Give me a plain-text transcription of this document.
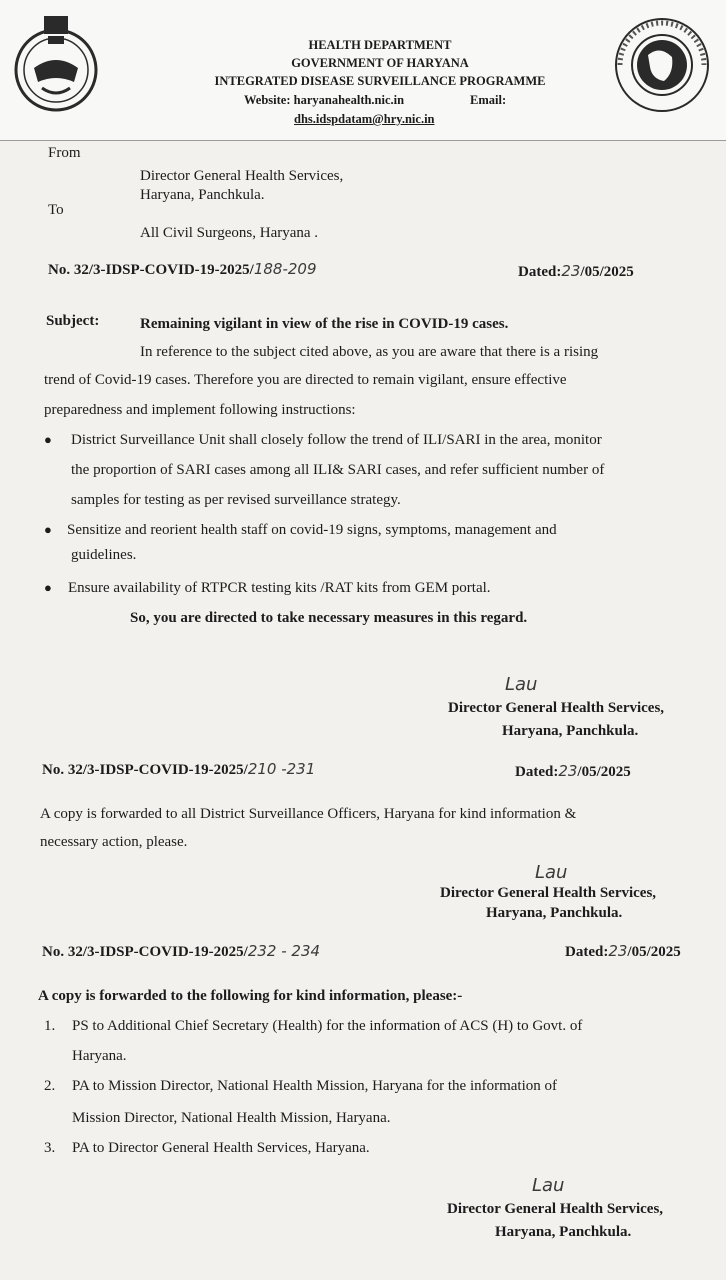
HEALTH DEPARTMENT
GOVERNMENT OF HARYANA
INTEGRATED DISEASE SURVEILLANCE PROGRAMME
Website: haryanahealth.nic.in	Email:
dhs.idspdatam@hry.nic.in
From
Director General Health Services,
Haryana, Panchkula.
To
All Civil Surgeons, Haryana .
No. 32/3-IDSP-COVID-19-2025/188-209	Dated:23/05/2025
Subject:	Remaining vigilant in view of the rise in COVID-19 cases.
In reference to the subject cited above, as you are aware that there is a rising
trend of Covid-19 cases. Therefore you are directed to remain vigilant, ensure effective
preparedness and implement following instructions:
● District Surveillance Unit shall closely follow the trend of ILI/SARI in the area, monitor
the proportion of SARI cases among all ILI& SARI cases, and refer sufficient number of
samples for testing as per revised surveillance strategy.
● Sensitize and reorient health staff on covid-19 signs, symptoms, management and
guidelines.
● Ensure availability of RTPCR testing kits /RAT kits from GEM portal.
So, you are directed to take necessary measures in this regard.
Lau
Director General Health Services,
Haryana, Panchkula.
No. 32/3-IDSP-COVID-19-2025/210 -231	Dated:23/05/2025
A copy is forwarded to all District Surveillance Officers, Haryana for kind information &
necessary action, please.
Lau
Director General Health Services,
Haryana, Panchkula.
No. 32/3-IDSP-COVID-19-2025/232 - 234	Dated:23/05/2025
A copy is forwarded to the following for kind information, please:-
1. PS to Additional Chief Secretary (Health) for the information of ACS (H) to Govt. of
Haryana.
2. PA to Mission Director, National Health Mission, Haryana for the information of
Mission Director, National Health Mission, Haryana.
3. PA to Director General Health Services, Haryana.
Lau
Director General Health Services,
Haryana, Panchkula.
